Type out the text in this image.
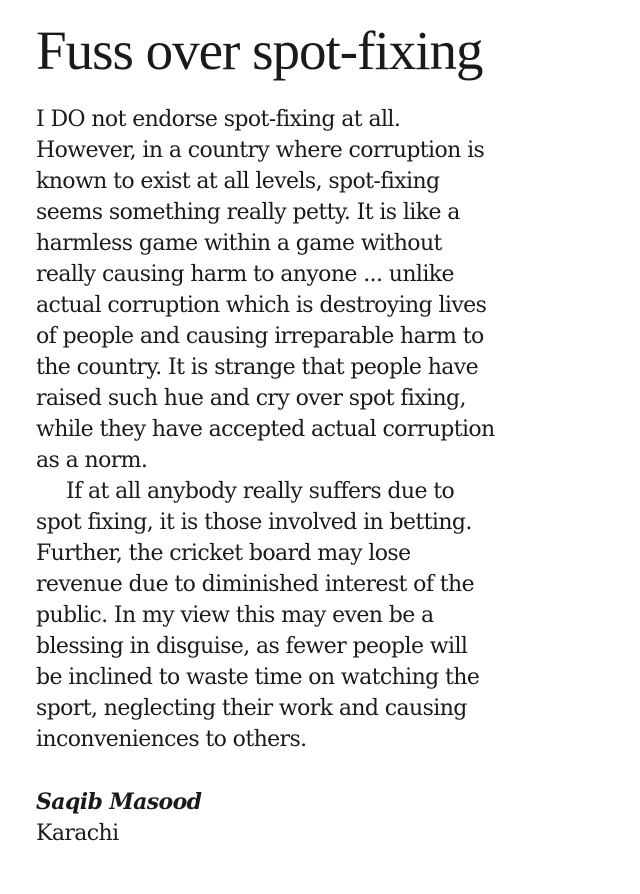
Fuss over spot-fixing

I DO not endorse spot-fixing at all.
However, in a country where corruption is
known to exist at all levels, spot-fixing
seems something really petty. It is like a
harmless game within a game without
really causing harm to anyone ... unlike
actual corruption which is destroying lives
of people and causing irreparable harm to
the country. It is strange that people have
raised such hue and cry over spot fixing,
while they have accepted actual corruption
as a norm.

If at all anybody really suffers due to
spot fixing, it is those involved in betting.
Further, the cricket board may lose
revenue due to diminished interest of the
public. In my view this may even be a
blessing in disguise, as fewer people will
be inclined to waste time on watching the
sport, neglecting their work and causing
inconveniences to others.

Saqib Masood
Karachi
